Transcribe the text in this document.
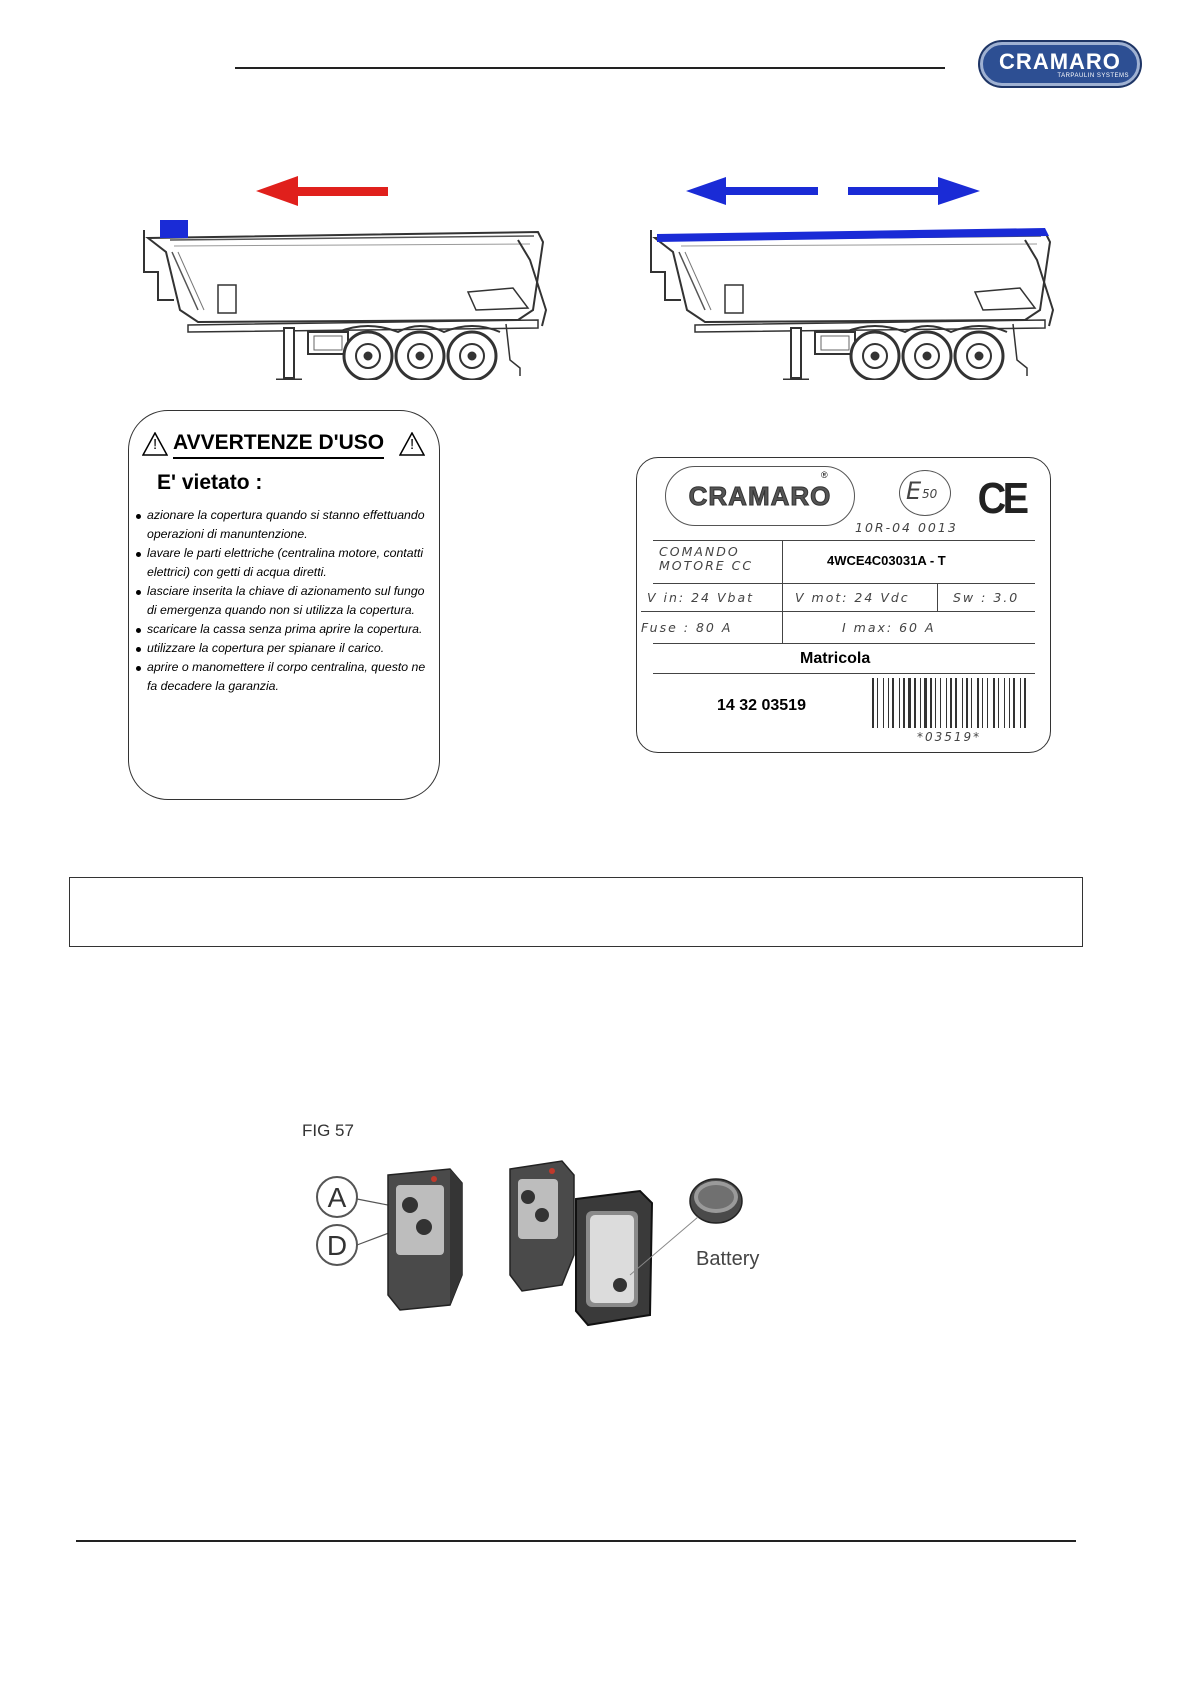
CRAMARO
TARPAULIN SYSTEMS
! AVVERTENZE D'USO !
E' vietato :
azionare la copertura quando si stanno effettuando operazioni di manuntenzione.
lavare le parti elettriche (centralina motore, contatti elettrici) con getti di acqua diretti.
lasciare inserita la chiave di azionamento sul fungo di emergenza quando non si utilizza la copertura.
scaricare la cassa senza prima aprire la copertura.
utilizzare la copertura per spianare il carico.
aprire o manomettere il corpo centralina, questo ne fa decadere la garanzia.
CRAMARO
®
E 50 CE
10R-04 0013
COMANDO
MOTORE CC	4WCE4C03031A - T
V in: 24 Vbat	V mot: 24 Vdc	Sw : 3.0
Fuse : 80 A	I max: 60 A
Matricola
14 32 03519
*03519*
FIG 57
A
D	Battery
